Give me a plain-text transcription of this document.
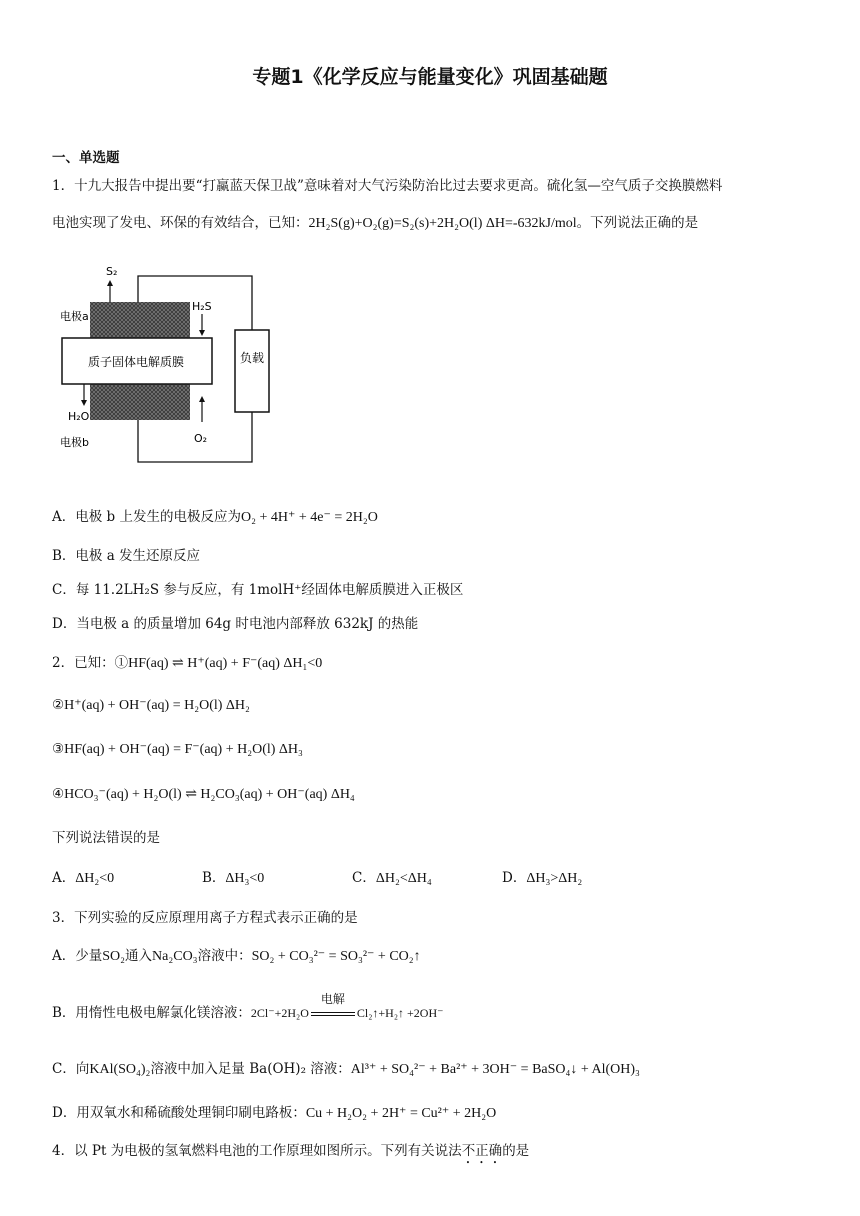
专题1《化学反应与能量变化》巩固基础题
一、单选题
1．十九大报告中提出要“打赢蓝天保卫战”意味着对大气污染防治比过去要求更高。硫化氢—空气质子交换膜燃料
电池实现了发电、环保的有效结合，已知：2H₂S(g)+O₂(g)=S₂(s)+2H₂O(l) ΔH=-632kJ/mol。下列说法正确的是
负载
质子固体电解质膜
S₂
H₂S
电极a
H₂O
电极b	O₂
A．电极 b 上发生的电极反应为O₂ + 4H⁺ + 4e⁻ = 2H₂O
B．电极 a 发生还原反应
C．每 11.2LH₂S 参与反应，有 1molH⁺经固体电解质膜进入正极区
D．当电极 a 的质量增加 64g 时电池内部释放 632kJ 的热能
2．已知：①HF(aq) ⇌ H⁺(aq) + F⁻(aq) ΔH₁<0
②H⁺(aq) + OH⁻(aq) = H₂O(l) ΔH₂
③HF(aq) + OH⁻(aq) = F⁻(aq) + H₂O(l) ΔH₃
④HCO₃⁻(aq) + H₂O(l) ⇌ H₂CO₃(aq) + OH⁻(aq) ΔH₄
下列说法错误的是
A．ΔH₂<0	B．ΔH₃<0	C．ΔH₂<ΔH₄	D．ΔH₃>ΔH₂
3．下列实验的反应原理用离子方程式表示正确的是
A．少量SO₂通入Na₂CO₃溶液中：SO₂ + CO₃²⁻ = SO₃²⁻ + CO₂↑
B．用惰性电极电解氯化镁溶液：2Cl⁻+2H₂O
电解
Cl₂↑+H₂↑ +2OH⁻
C．向KAl(SO₄)₂溶液中加入足量 Ba(OH)₂ 溶液：Al³⁺ + SO₄²⁻ + Ba²⁺ + 3OH⁻ = BaSO₄↓ + Al(OH)₃
D．用双氧水和稀硫酸处理铜印刷电路板：Cu + H₂O₂ + 2H⁺ = Cu²⁺ + 2H₂O
4．以 Pt 为电极的氢氧燃料电池的工作原理如图所示。下列有关说法不正确的是
